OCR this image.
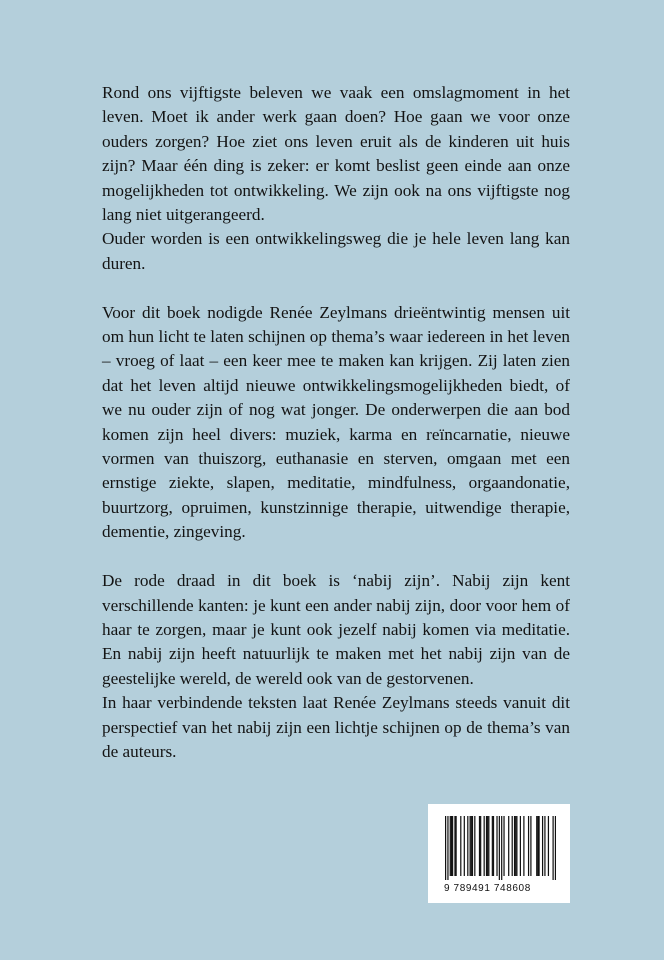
Rond ons vijftigste beleven we vaak een omslagmoment in het leven. Moet ik ander werk gaan doen? Hoe gaan we voor onze ouders zorgen? Hoe ziet ons leven eruit als de kinderen uit huis zijn? Maar één ding is zeker: er komt beslist geen einde aan onze mogelijkheden tot ontwikkeling. We zijn ook na ons vijftigste nog lang niet uitgerangeerd.

Ouder worden is een ontwikkelingsweg die je hele leven lang kan duren.

Voor dit boek nodigde Renée Zeylmans drieëntwintig mensen uit om hun licht te laten schijnen op thema’s waar iedereen in het leven – vroeg of laat – een keer mee te maken kan krijgen. Zij laten zien dat het leven altijd nieuwe ontwikkelingsmogelijkheden biedt, of we nu ouder zijn of nog wat jonger. De onderwerpen die aan bod komen zijn heel divers: muziek, karma en reïncarnatie, nieuwe vormen van thuiszorg, euthanasie en sterven, omgaan met een ernstige ziekte, slapen, meditatie, mindfulness, orgaandonatie, buurtzorg, opruimen, kunstzinnige therapie, uitwendige therapie, dementie, zingeving.

De rode draad in dit boek is ‘nabij zijn’. Nabij zijn kent verschillende kanten: je kunt een ander nabij zijn, door voor hem of haar te zorgen, maar je kunt ook jezelf nabij komen via meditatie. En nabij zijn heeft natuurlijk te maken met het nabij zijn van de geestelijke wereld, de wereld ook van de gestorvenen.

In haar verbindende teksten laat Renée Zeylmans steeds vanuit dit perspectief van het nabij zijn een lichtje schijnen op de thema’s van de auteurs.

9 789491 748608
